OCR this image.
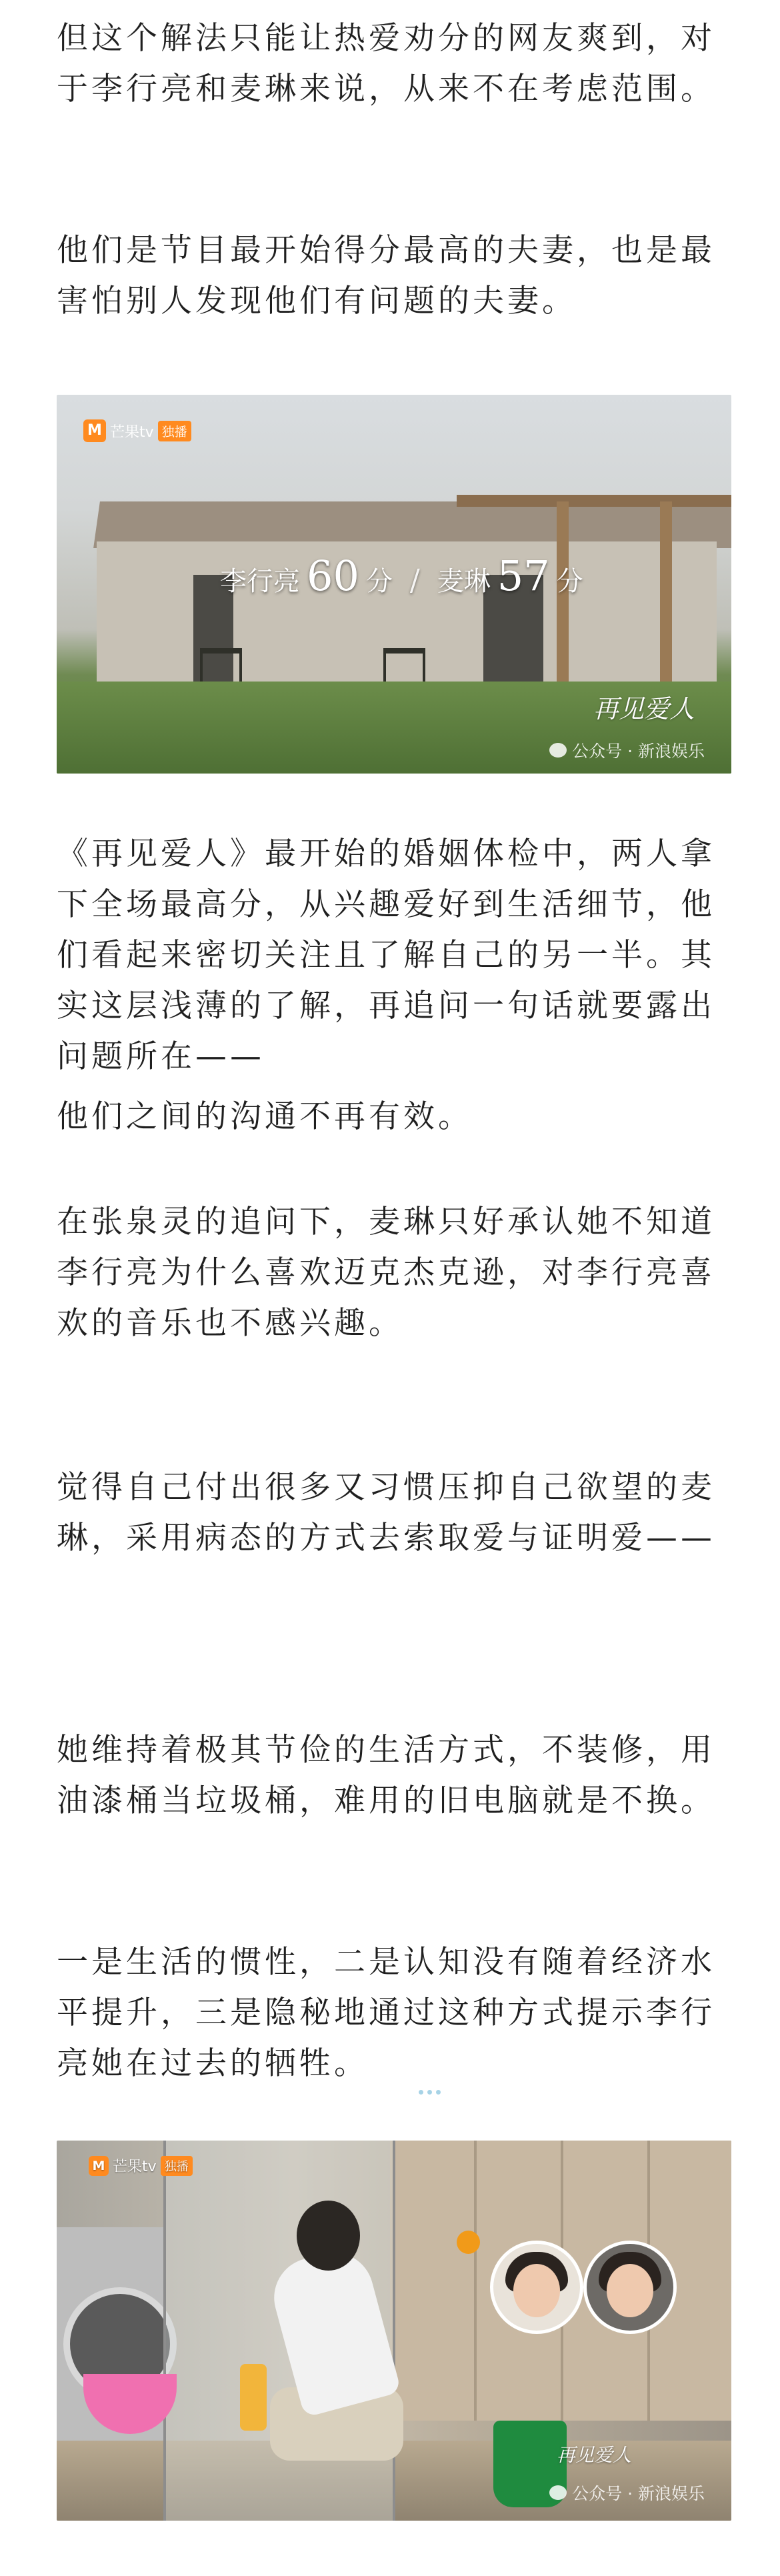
但这个解法只能让热爱劝分的网友爽到，对于李行亮和麦琳来说，从来不在考虑范围。

他们是节目最开始得分最高的夫妻，也是最害怕别人发现他们有问题的夫妻。

M 芒果tv 独播
李行亮 60 分 / 麦琳 57 分
再见爱人
公众号 · 新浪娱乐

《再见爱人》最开始的婚姻体检中，两人拿下全场最高分，从兴趣爱好到生活细节，他们看起来密切关注且了解自己的另一半。其实这层浅薄的了解，再追问一句话就要露出问题所在——

他们之间的沟通不再有效。

在张泉灵的追问下，麦琳只好承认她不知道李行亮为什么喜欢迈克杰克逊，对李行亮喜欢的音乐也不感兴趣。

觉得自己付出很多又习惯压抑自己欲望的麦琳，采用病态的方式去索取爱与证明爱——

她维持着极其节俭的生活方式，不装修，用油漆桶当垃圾桶，难用的旧电脑就是不换。

一是生活的惯性，二是认知没有随着经济水平提升，三是隐秘地通过这种方式提示李行亮她在过去的牺牲。

M 芒果tv 独播
再见爱人
公众号 · 新浪娱乐
